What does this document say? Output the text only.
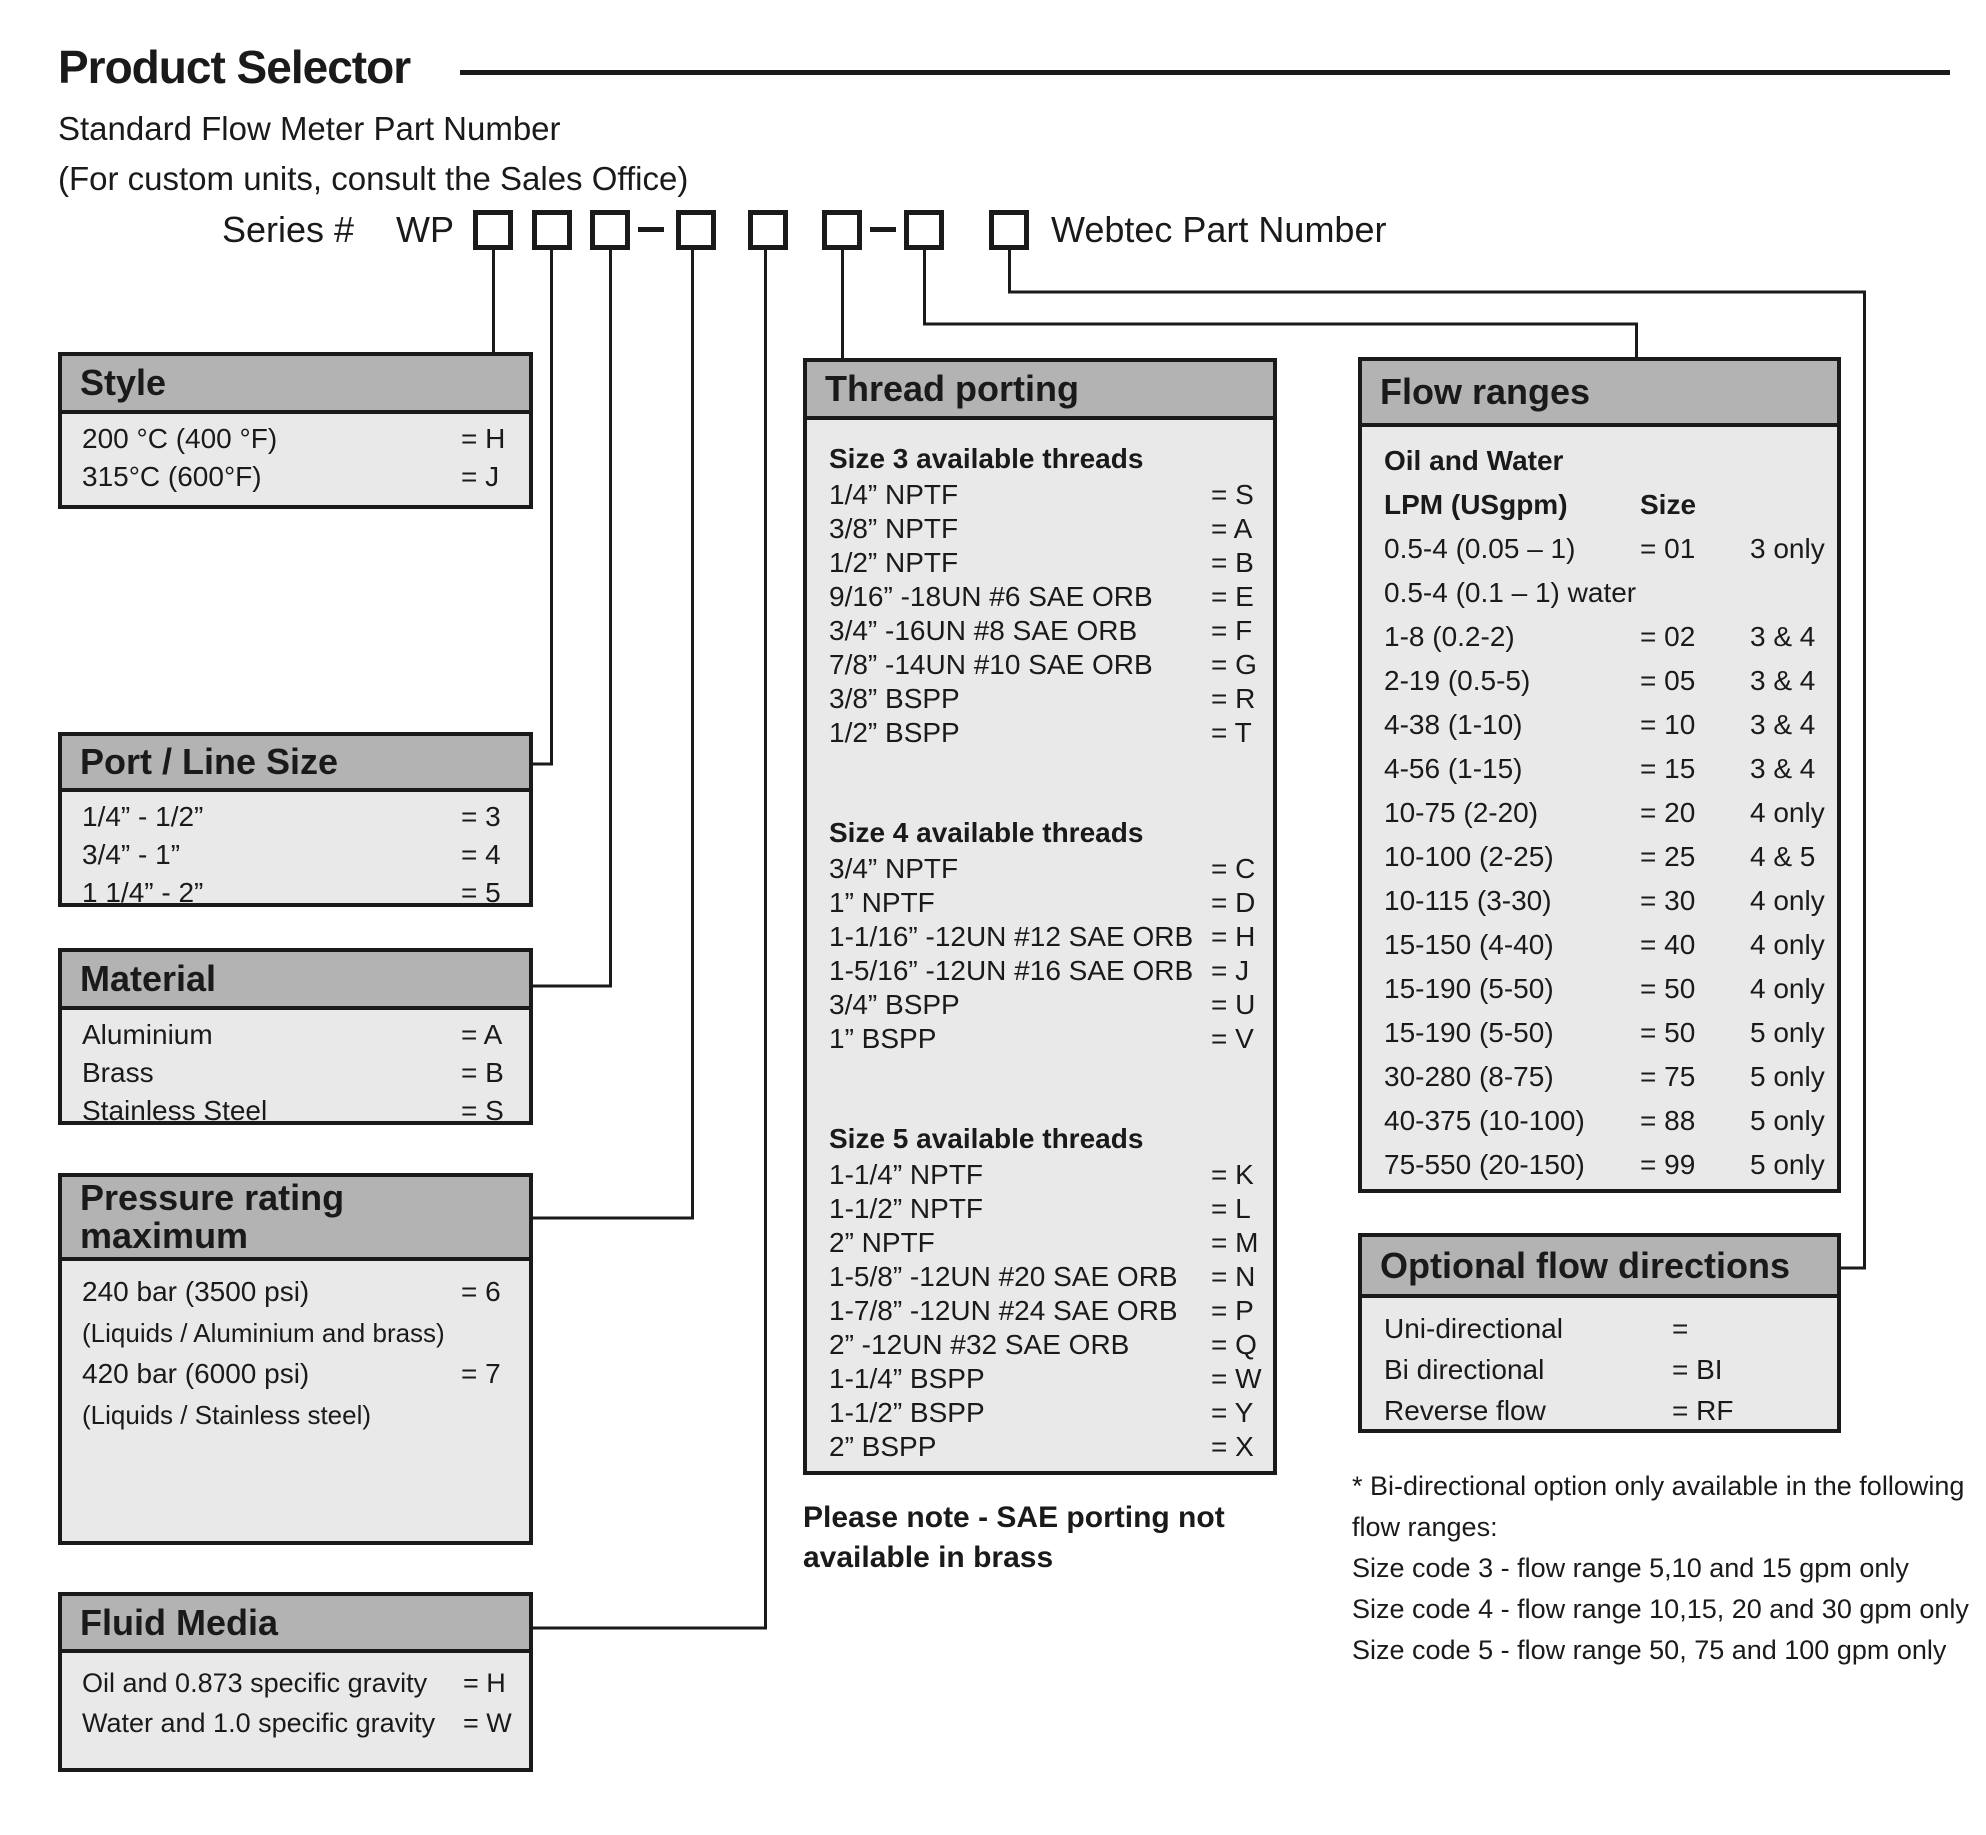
Product Selector
Standard Flow Meter Part Number
(For custom units, consult the Sales Office)
Series # WP	Webtec Part Number
Style
200 °C (400 °F)	= H
315°C (600°F)	= J
Port / Line Size
1/4” - 1/2”	= 3
3/4” - 1”	= 4
1 1/4” - 2”	= 5
Material
Aluminium	= A
Brass	= B
Stainless Steel	= S
Pressure rating
maximum
240 bar (3500 psi)	= 6
(Liquids / Aluminium and brass)
420 bar (6000 psi)	= 7
(Liquids / Stainless steel)
Fluid Media
Oil and 0.873 specific gravity	= H
Water and 1.0 specific gravity	= W
Thread porting
Size 3 available threads
1/4” NPTF	= S
3/8” NPTF	= A
1/2” NPTF	= B
9/16” -18UN #6 SAE ORB	= E
3/4” -16UN #8 SAE ORB	= F
7/8” -14UN #10 SAE ORB	= G
3/8” BSPP	= R
1/2” BSPP	= T
Size 4 available threads
3/4” NPTF	= C
1” NPTF	= D
1-1/16” -12UN #12 SAE ORB = H
1-5/16” -12UN #16 SAE ORB = J
3/4” BSPP	= U
1” BSPP	= V
Size 5 available threads
1-1/4” NPTF	= K
1-1/2” NPTF	= L
2” NPTF	= M
1-5/8” -12UN #20 SAE ORB	= N
1-7/8” -12UN #24 SAE ORB	= P
2” -12UN #32 SAE ORB	= Q
1-1/4” BSPP	= W
1-1/2” BSPP	= Y
2” BSPP	= X
Please note - SAE porting not
available in brass
Flow ranges
Oil and Water
LPM (USgpm)	Size
0.5-4 (0.05 – 1)	= 01	3 only
0.5-4 (0.1 – 1) water
1-8 (0.2-2)	= 02	3 & 4
2-19 (0.5-5)	= 05	3 & 4
4-38 (1-10)	= 10	3 & 4
4-56 (1-15)	= 15	3 & 4
10-75 (2-20)	= 20	4 only
10-100 (2-25)	= 25	4 & 5
10-115 (3-30)	= 30	4 only
15-150 (4-40)	= 40	4 only
15-190 (5-50)	= 50	4 only
15-190 (5-50)	= 50	5 only
30-280 (8-75)	= 75	5 only
40-375 (10-100)	= 88	5 only
75-550 (20-150)	= 99	5 only
Optional flow directions
Uni-directional	=
Bi directional	= BI
Reverse flow	= RF
* Bi-directional option only available in the following
flow ranges:
Size code 3 - flow range 5,10 and 15 gpm only
Size code 4 - flow range 10,15, 20 and 30 gpm only
Size code 5 - flow range 50, 75 and 100 gpm only
